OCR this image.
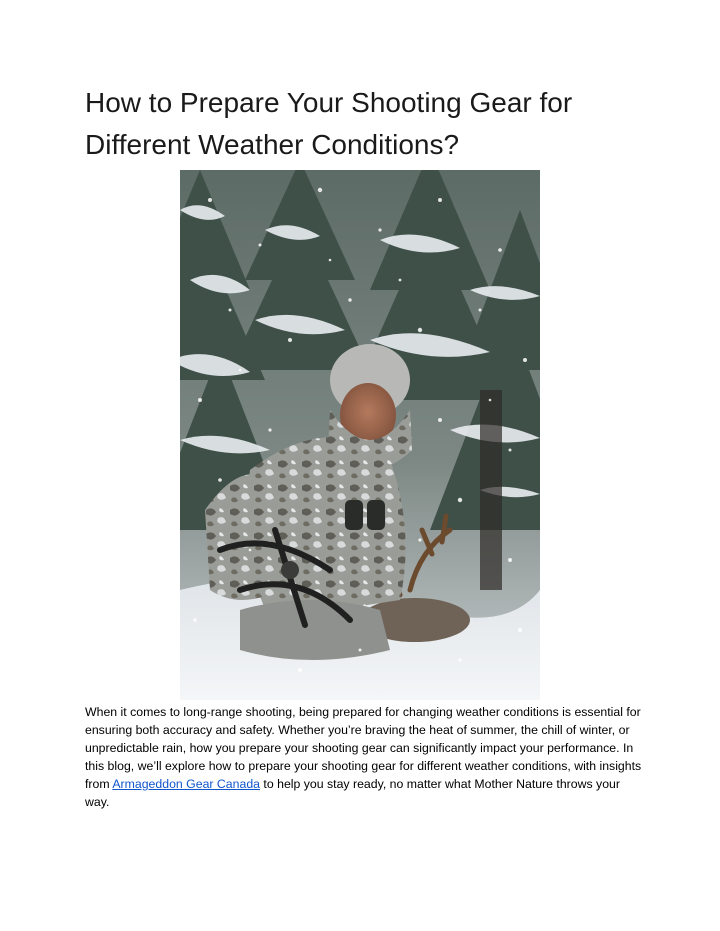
How to Prepare Your Shooting Gear for Different Weather Conditions?

When it comes to long-range shooting, being prepared for changing weather conditions is essential for ensuring both accuracy and safety. Whether you’re braving the heat of summer, the chill of winter, or unpredictable rain, how you prepare your shooting gear can significantly impact your performance. In this blog, we’ll explore how to prepare your shooting gear for different weather conditions, with insights from Armageddon Gear Canada to help you stay ready, no matter what Mother Nature throws your way.
